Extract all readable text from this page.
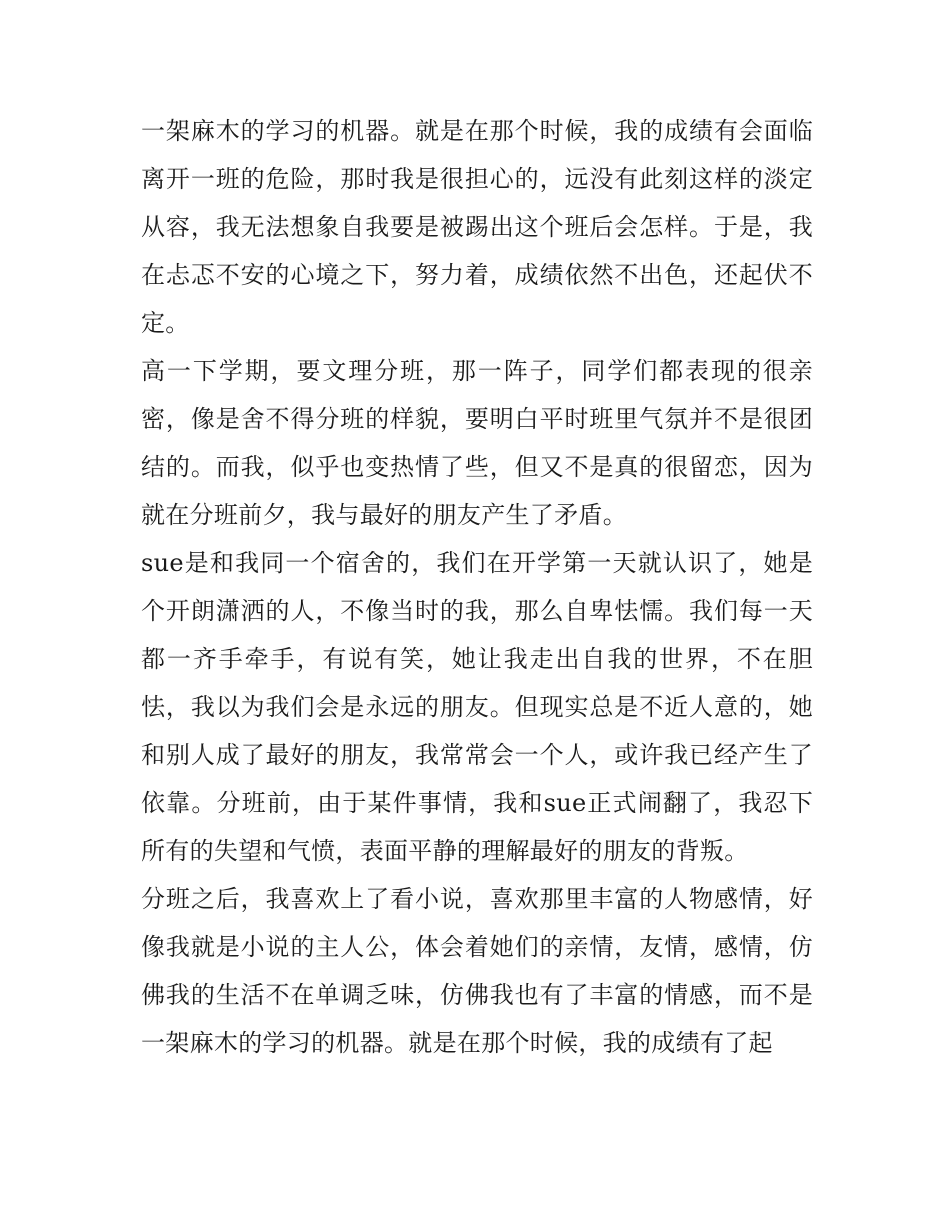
一架麻木的学习的机器。就是在那个时候，我的成绩有会面临离开一班的危险，那时我是很担心的，远没有此刻这样的淡定从容，我无法想象自我要是被踢出这个班后会怎样。于是，我在忐忑不安的心境之下，努力着，成绩依然不出色，还起伏不定。

高一下学期，要文理分班，那一阵子，同学们都表现的很亲密，像是舍不得分班的样貌，要明白平时班里气氛并不是很团结的。而我，似乎也变热情了些，但又不是真的很留恋，因为就在分班前夕，我与最好的朋友产生了矛盾。

sue是和我同一个宿舍的，我们在开学第一天就认识了，她是个开朗潇洒的人，不像当时的我，那么自卑怯懦。我们每一天都一齐手牵手，有说有笑，她让我走出自我的世界，不在胆怯，我以为我们会是永远的朋友。但现实总是不近人意的，她和别人成了最好的朋友，我常常会一个人，或许我已经产生了依靠。分班前，由于某件事情，我和sue正式闹翻了，我忍下所有的失望和气愤，表面平静的理解最好的朋友的背叛。

分班之后，我喜欢上了看小说，喜欢那里丰富的人物感情，好像我就是小说的主人公，体会着她们的亲情，友情，感情，仿佛我的生活不在单调乏味，仿佛我也有了丰富的情感，而不是一架麻木的学习的机器。就是在那个时候，我的成绩有了起
